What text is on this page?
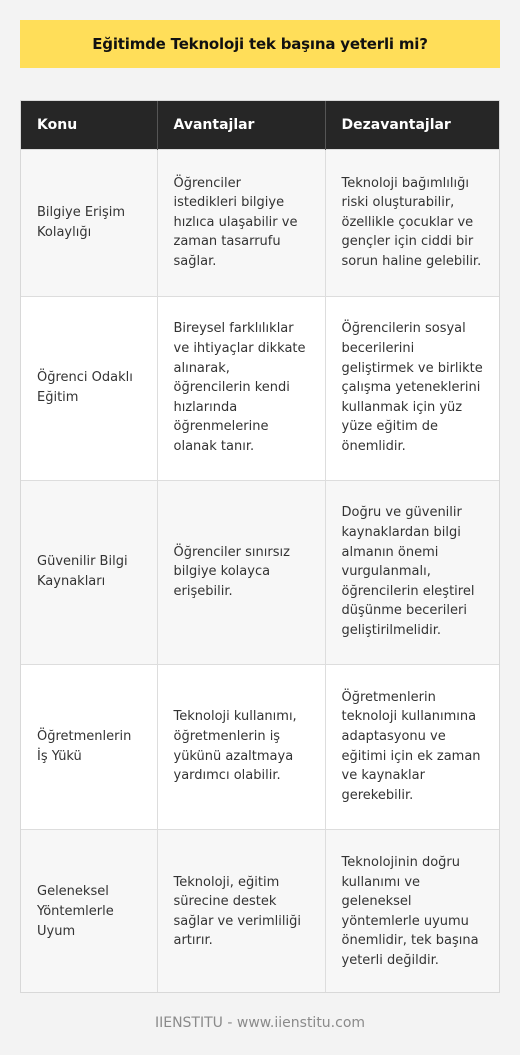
Eğitimde Teknoloji tek başına yeterli mi?
Konu	Avantajlar	Dezavantajlar
Bilgiye Erişim Kolaylığı	Öğrenciler istedikleri bilgiye hızlıca ulaşabilir ve zaman tasarrufu sağlar.	Teknoloji bağımlılığı riski oluşturabilir, özellikle çocuklar ve gençler için ciddi bir sorun haline gelebilir.
Öğrenci Odaklı Eğitim	Bireysel farklılıklar ve ihtiyaçlar dikkate alınarak, öğrencilerin kendi hızlarında öğrenmelerine olanak tanır.	Öğrencilerin sosyal becerilerini geliştirmek ve birlikte çalışma yeteneklerini kullanmak için yüz yüze eğitim de önemlidir.
Güvenilir Bilgi Kaynakları	Öğrenciler sınırsız bilgiye kolayca erişebilir.	Doğru ve güvenilir kaynaklardan bilgi almanın önemi vurgulanmalı, öğrencilerin eleştirel düşünme becerileri geliştirilmelidir.
Öğretmenlerin İş Yükü	Teknoloji kullanımı, öğretmenlerin iş yükünü azaltmaya yardımcı olabilir.	Öğretmenlerin teknoloji kullanımına adaptasyonu ve eğitimi için ek zaman ve kaynaklar gerekebilir.
Geleneksel Yöntemlerle Uyum	Teknoloji, eğitim sürecine destek sağlar ve verimliliği artırır.	Teknolojinin doğru kullanımı ve geleneksel yöntemlerle uyumu önemlidir, tek başına yeterli değildir.
IIENSTITU - www.iienstitu.com
